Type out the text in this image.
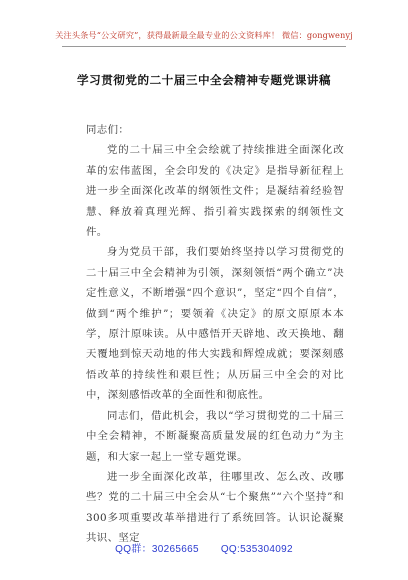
关注头条号“公文研究”，获得最新最全最专业的公文资料库！ 微信：gongwenyj
学习贯彻党的二十届三中全会精神专题党课讲稿

同志们：

党的二十届三中全会绘就了持续推进全面深化改革的宏伟蓝图，全会印发的《决定》是指导新征程上进一步全面深化改革的纲领性文件；是凝结着经验智慧、释放着真理光辉、指引着实践探索的纲领性文件。

身为党员干部，我们要始终坚持以学习贯彻党的二十届三中全会精神为引领，深刻领悟“两个确立”决定性意义，不断增强“四个意识”，坚定“四个自信”，做到“两个维护”；要领着《决定》的原文原原本本学，原汁原味读。从中感悟开天辟地、改天换地、翻天覆地到惊天动地的伟大实践和辉煌成就；要深刻感悟改革的持续性和艰巨性；从历届三中全会的对比中，深刻感悟改革的全面性和彻底性。

同志们，借此机会，我以“学习贯彻党的二十届三中全会精神，不断凝聚高质量发展的红色动力”为主题，和大家一起上一堂专题党课。

进一步全面深化改革，往哪里改、怎么改、改哪些？党的二十届三中全会从“七个聚焦”“六个坚持”和300多项重要改革举措进行了系统回答。认识论凝聚共识、坚定

QQ群：30265665 QQ:535304092
